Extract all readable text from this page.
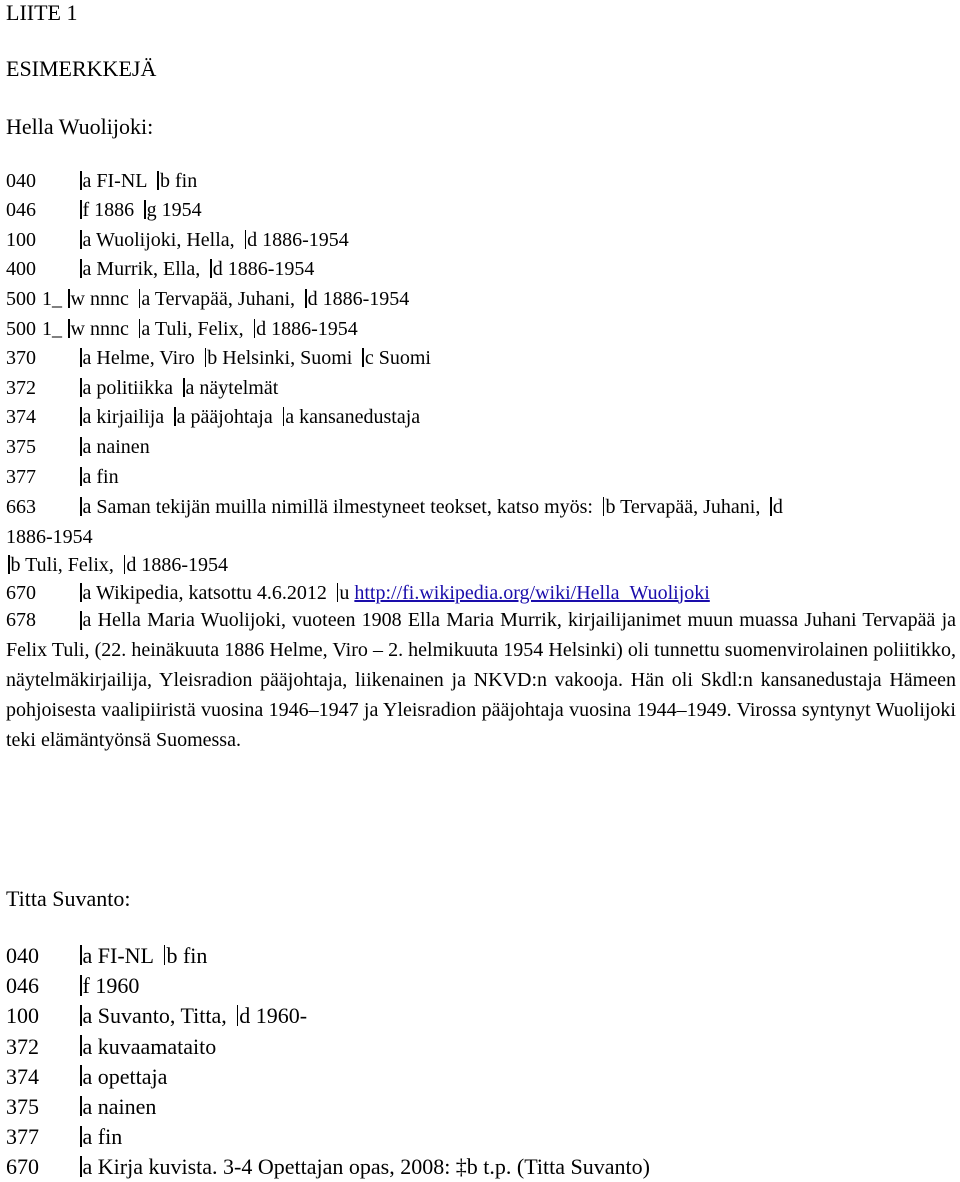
LIITE 1
ESIMERKKEJÄ
Hella Wuolijoki:
040	a FI-NL b fin
046	f 1886 g 1954
100	a Wuolijoki, Hella, d 1886-1954
400	a Murrik, Ella, d 1886-1954
500 1_ w nnnc a Tervapää, Juhani, d 1886-1954
500 1_ w nnnc a Tuli, Felix, d 1886-1954
370	a Helme, Viro b Helsinki, Suomi c Suomi
372	a politiikka a näytelmät
374	a kirjailija a pääjohtaja a kansanedustaja
375	a nainen
377	a fin
663	a Saman tekijän muilla nimillä ilmestyneet teokset, katso myös: b Tervapää, Juhani, d
1886-1954
b Tuli, Felix, d 1886-1954
670	a Wikipedia, katsottu 4.6.2012 u http://fi.wikipedia.org/wiki/Hella_Wuolijoki
678 a Hella Maria Wuolijoki, vuoteen 1908 Ella Maria Murrik, kirjailijanimet muun muassa Juhani Tervapää ja Felix Tuli, (22. heinäkuuta 1886 Helme, Viro – 2. helmikuuta 1954 Helsinki) oli tunnettu suomenvirolainen poliitikko, näytelmäkirjailija, Yleisradion pääjohtaja, liikenainen ja NKVD:n vakooja. Hän oli Skdl:n kansanedustaja Hämeen pohjoisesta vaalipiiristä vuosina 1946–1947 ja Yleisradion pääjohtaja vuosina 1944–1949. Virossa syntynyt Wuolijoki teki elämäntyönsä Suomessa.
Titta Suvanto:
040	a FI-NL b fin
046	f 1960
100	a Suvanto, Titta, d 1960-
372	a kuvaamataito
374	a opettaja
375	a nainen
377	a fin
670	a Kirja kuvista. 3-4 Opettajan opas, 2008: ‡b t.p. (Titta Suvanto)
